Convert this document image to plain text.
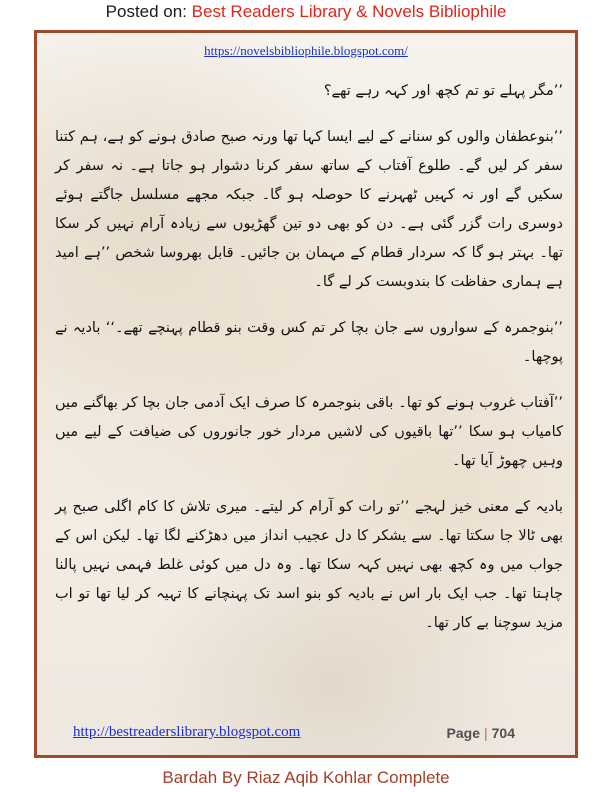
Posted on: Best Readers Library & Novels Bibliophile
https://novelsbibliophile.blogspot.com/

’’مگر پہلے تو تم کچھ اور کہہ رہے تھے؟

’’بنوعطفان والوں کو سنانے کے لیے ایسا کہا تھا ورنہ صبح صادق ہونے کو ہے، ہم کتنا سفر کر لیں گے۔ طلوع آفتاب کے ساتھ سفر کرنا دشوار ہو جاتا ہے۔ نہ سفر کر سکیں گے اور نہ کہیں ٹھہرنے کا حوصلہ ہو گا۔ جبکہ مجھے مسلسل جاگتے ہوئے دوسری رات گزر گئی ہے۔ دن کو بھی دو تین گھڑیوں سے زیادہ آرام نہیں کر سکا تھا۔ بہتر ہو گا کہ سردار قطام کے مہمان بن جائیں۔ قابل بھروسا شخص ’’ہے امید ہے ہماری حفاظت کا بندوبست کر لے گا۔

’’بنوجمرہ کے سواروں سے جان بچا کر تم کس وقت بنو قطام پہنچے تھے۔‘‘ بادیہ نے پوچھا۔

’’آفتاب غروب ہونے کو تھا۔ باقی بنوجمرہ کا صرف ایک آدمی جان بچا کر بھاگنے میں کامیاب ہو سکا ’’تھا باقیوں کی لاشیں مردار خور جانوروں کی ضیافت کے لیے میں وہیں چھوڑ آیا تھا۔

بادیہ کے معنی خیز لہجے ’’تو رات کو آرام کر لیتے۔ میری تلاش کا کام اگلی صبح پر بھی ٹالا جا سکتا تھا۔ سے یشکر کا دل عجیب انداز میں دھڑکنے لگا تھا۔ لیکن اس کے جواب میں وہ کچھ بھی نہیں کہہ سکا تھا۔ وہ دل میں کوئی غلط فہمی نہیں پالنا چاہتا تھا۔ جب ایک بار اس نے بادیہ کو بنو اسد تک پہنچانے کا تہیہ کر لیا تھا تو اب مزید سوچنا بے کار تھا۔

http://bestreaderslibrary.blogspot.com	Page | 704
Bardah By Riaz Aqib Kohlar Complete
